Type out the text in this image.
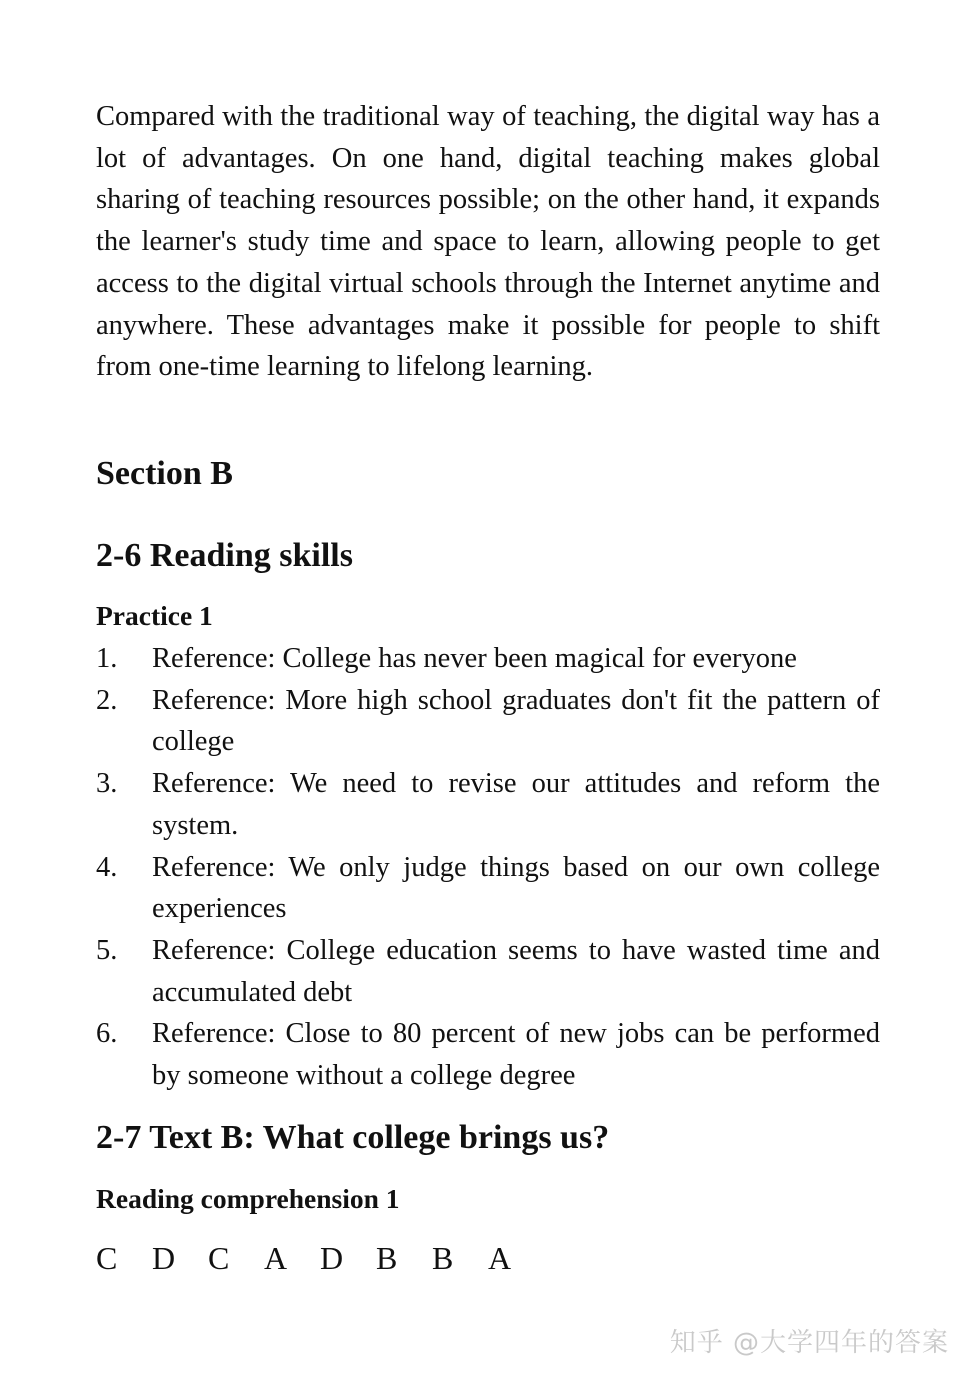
Compared with the traditional way of teaching, the digital way has a lot of advantages. On one hand, digital teaching makes global sharing of teaching resources possible; on the other hand, it expands the learner's study time and space to learn, allowing people to get access to the digital virtual schools through the Internet anytime and anywhere. These advantages make it possible for people to shift from one-time learning to lifelong learning.

Section B
2-6 Reading skills
Practice 1
1.	Reference: College has never been magical for everyone
2.	Reference: More high school graduates don't fit the pattern of college
3.	Reference: We need to revise our attitudes and reform the system.
4.	Reference: We only judge things based on our own college experiences
5.	Reference: College education seems to have wasted time and accumulated debt
6.	Reference: Close to 80 percent of new jobs can be performed by someone without a college degree
2-7 Text B: What college brings us?
Reading comprehension 1
C	D	C	A	D	B	B	A
知乎 @大学四年的答案
